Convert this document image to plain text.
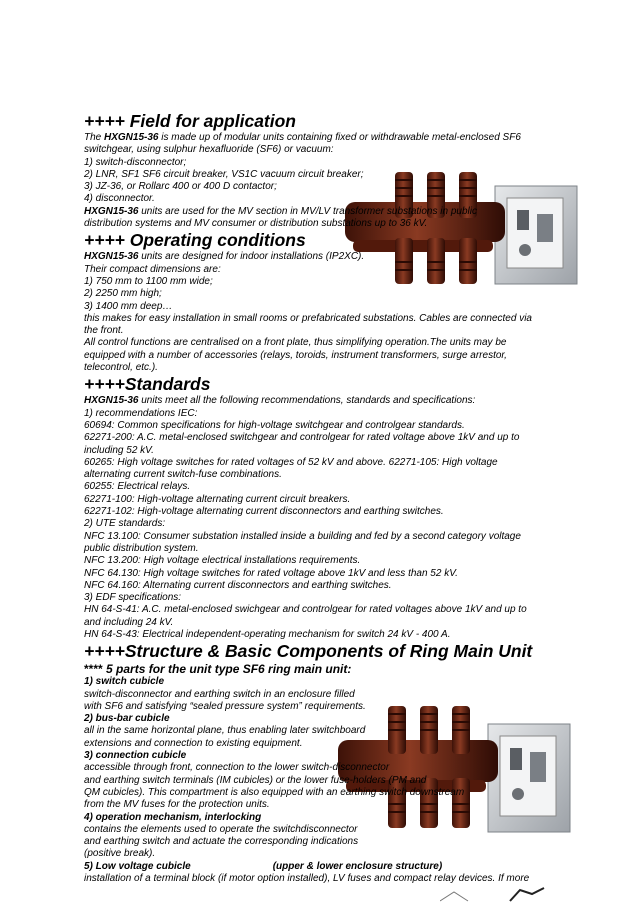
++++ Field for application

The HXGN15-36 is made up of modular units containing fixed or withdrawable metal-enclosed SF6

switchgear, using sulphur hexafluoride (SF6) or vacuum:

1) switch-disconnector;

2) LNR, SF1 SF6 circuit breaker, VS1C vacuum circuit breaker;

3) JZ-36, or Rollarc 400 or 400 D contactor;

4) disconnector.

HXGN15-36 units are used for the MV section in MV/LV transformer substations in public

distribution systems and MV consumer or distribution substations up to 36 kV.

++++ Operating conditions

HXGN15-36 units are designed for indoor installations (IP2XC).

Their compact dimensions are:

1) 750 mm to 1100 mm wide;

2) 2250 mm high;

3) 1400 mm deep…

this makes for easy installation in small rooms or prefabricated substations. Cables are connected via

the front.

All control functions are centralised on a front plate, thus simplifying operation.The units may be

equipped with a number of accessories (relays, toroids, instrument transformers, surge arrestor,

telecontrol, etc.).

++++Standards

HXGN15-36 units meet all the following recommendations, standards and specifications:

1) recommendations IEC:

60694: Common specifications for high-voltage switchgear and controlgear standards.

62271-200: A.C. metal-enclosed switchgear and controlgear for rated voltage above 1kV and up to

including 52 kV.

60265: High voltage switches for rated voltages of 52 kV and above. 62271-105: High voltage

alternating current switch-fuse combinations.

60255: Electrical relays.

62271-100: High-voltage alternating current circuit breakers.

62271-102: High-voltage alternating current disconnectors and earthing switches.

2) UTE standards:

NFC 13.100: Consumer substation installed inside a building and fed by a second category voltage

public distribution system.

NFC 13.200: High voltage electrical installations requirements.

NFC 64.130: High voltage switches for rated voltage above 1kV and less than 52 kV.

NFC 64.160: Alternating current disconnectors and earthing switches.

3) EDF specifications:

HN 64-S-41: A.C. metal-enclosed swichgear and controlgear for rated voltages above 1kV and up to

and including 24 kV.

HN 64-S-43: Electrical independent-operating mechanism for switch 24 kV - 400 A.

++++Structure & Basic Components of Ring Main Unit

**** 5 parts for the unit type SF6 ring main unit:

1) switch cubicle

switch-disconnector and earthing switch in an enclosure filled

with SF6 and satisfying “sealed pressure system” requirements.

2) bus-bar cubicle

all in the same horizontal plane, thus enabling later switchboard

extensions and connection to existing equipment.

3) connection cubicle

accessible through front, connection to the lower switch-disconnector

and earthing switch terminals (IM cubicles) or the lower fuse-holders (PM and

QM cubicles). This compartment is also equipped with an earthing switch downstream

from the MV fuses for the protection units.

4) operation mechanism, interlocking

contains the elements used to operate the switchdisconnector

and earthing switch and actuate the corresponding indications

(positive break).

5) Low voltage cubicle	(upper & lower enclosure structure)

installation of a terminal block (if motor option installed), LV fuses and compact relay devices. If more
